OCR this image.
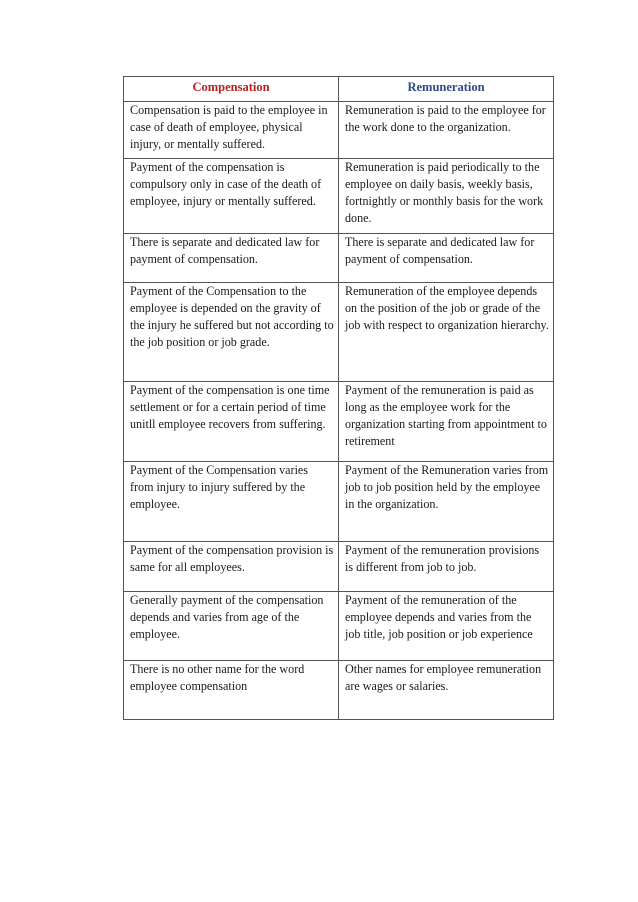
Compensation	Remuneration
Compensation is paid to the employee in case of death of employee, physical injury, or mentally suffered.	Remuneration is paid to the employee for the work done to the organization.
Payment of the compensation is compulsory only in case of the death of employee, injury or mentally suffered.	Remuneration is paid periodically to the employee on daily basis, weekly basis, fortnightly or monthly basis for the work done.
There is separate and dedicated law for payment of compensation.	There is separate and dedicated law for payment of compensation.
Payment of the Compensation to the employee is depended on the gravity of the injury he suffered but not according to the job position or job grade.	Remuneration of the employee depends on the position of the job or grade of the job with respect to organization hierarchy.
Payment of the compensation is one time settlement or for a certain period of time unitll employee recovers from suffering.	Payment of the remuneration is paid as long as the employee work for the organization starting from appointment to retirement
Payment of the Compensation varies from injury to injury suffered by the employee.	Payment of the Remuneration varies from job to job position held by the employee in the organization.
Payment of the compensation provision is same for all employees.	Payment of the remuneration provisions is different from job to job.
Generally payment of the compensation depends and varies from age of the employee.	Payment of the remuneration of the employee depends and varies from the job title, job position or job experience
There is no other name for the word employee compensation	Other names for employee remuneration are wages or salaries.
